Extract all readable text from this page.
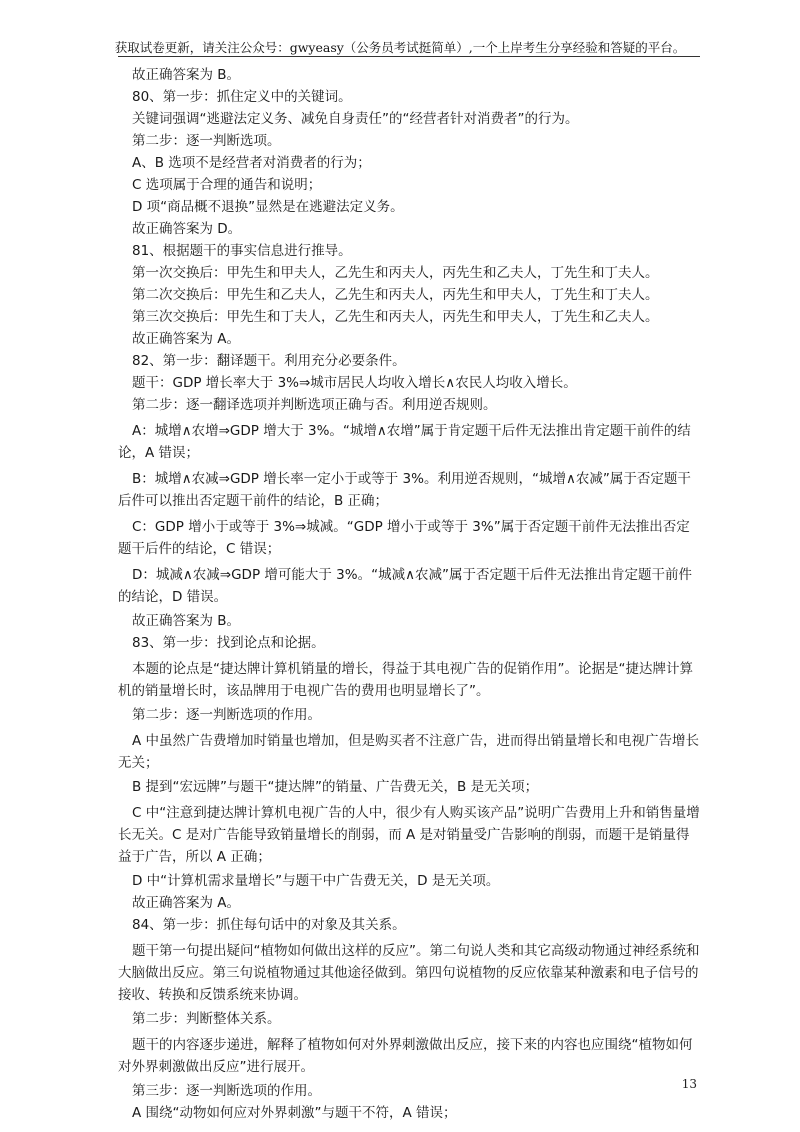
获取试卷更新，请关注公众号：gwyeasy（公务员考试挺简单）,一个上岸考生分享经验和答疑的平台。

故正确答案为 B。

80、第一步：抓住定义中的关键词。

关键词强调“逃避法定义务、减免自身责任”的“经营者针对消费者”的行为。

第二步：逐一判断选项。

A、B 选项不是经营者对消费者的行为；

C 选项属于合理的通告和说明；

D 项“商品概不退换”显然是在逃避法定义务。

故正确答案为 D。

81、根据题干的事实信息进行推导。

第一次交换后：甲先生和甲夫人，乙先生和丙夫人，丙先生和乙夫人，丁先生和丁夫人。

第二次交换后：甲先生和乙夫人，乙先生和丙夫人，丙先生和甲夫人，丁先生和丁夫人。

第三次交换后：甲先生和丁夫人，乙先生和丙夫人，丙先生和甲夫人，丁先生和乙夫人。

故正确答案为 A。

82、第一步：翻译题干。利用充分必要条件。

题干：GDP 增长率大于 3%⇒城市居民人均收入增长∧农民人均收入增长。

第二步：逐一翻译选项并判断选项正确与否。利用逆否规则。

A：城增∧农增⇒GDP 增大于 3%。“城增∧农增”属于肯定题干后件无法推出肯定题干前件的结论，A 错误；

B：城增∧农减⇒GDP 增长率一定小于或等于 3%。利用逆否规则，“城增∧农减”属于否定题干后件可以推出否定题干前件的结论，B 正确；

C：GDP 增小于或等于 3%⇒城减。“GDP 增小于或等于 3%”属于否定题干前件无法推出否定题干后件的结论，C 错误；

D：城减∧农减⇒GDP 增可能大于 3%。“城减∧农减”属于否定题干后件无法推出肯定题干前件的结论，D 错误。

故正确答案为 B。

83、第一步：找到论点和论据。

本题的论点是“捷达牌计算机销量的增长，得益于其电视广告的促销作用”。论据是“捷达牌计算机的销量增长时，该品牌用于电视广告的费用也明显增长了”。

第二步：逐一判断选项的作用。

A 中虽然广告费增加时销量也增加，但是购买者不注意广告，进而得出销量增长和电视广告增长无关；

B 提到“宏远牌”与题干“捷达牌”的销量、广告费无关，B 是无关项；

C 中“注意到捷达牌计算机电视广告的人中，很少有人购买该产品”说明广告费用上升和销售量增长无关。C 是对广告能导致销量增长的削弱，而 A 是对销量受广告影响的削弱，而题干是销量得益于广告，所以 A 正确；

D 中“计算机需求量增长”与题干中广告费无关，D 是无关项。

故正确答案为 A。

84、第一步：抓住每句话中的对象及其关系。

题干第一句提出疑问“植物如何做出这样的反应”。第二句说人类和其它高级动物通过神经系统和大脑做出反应。第三句说植物通过其他途径做到。第四句说植物的反应依靠某种激素和电子信号的接收、转换和反馈系统来协调。

第二步：判断整体关系。

题干的内容逐步递进，解释了植物如何对外界刺激做出反应，接下来的内容也应围绕“植物如何对外界刺激做出反应”进行展开。

第三步：逐一判断选项的作用。

A 围绕“动物如何应对外界刺激”与题干不符，A 错误；

13
